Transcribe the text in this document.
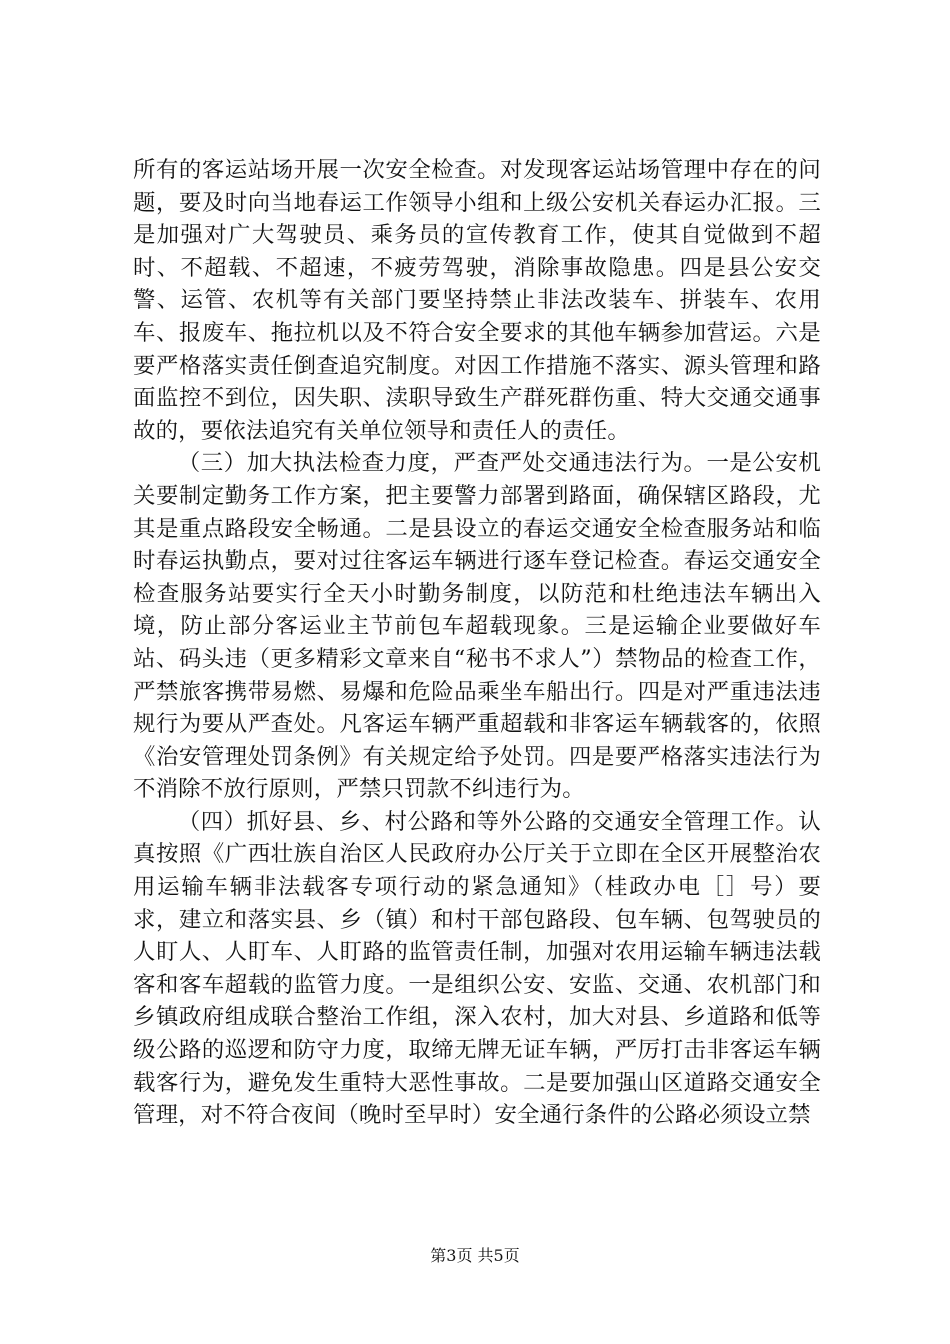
所有的客运站场开展一次安全检查。对发现客运站场管理中存在的问题，要及时向当地春运工作领导小组和上级公安机关春运办汇报。三是加强对广大驾驶员、乘务员的宣传教育工作，使其自觉做到不超时、不超载、不超速，不疲劳驾驶，消除事故隐患。四是县公安交警、运管、农机等有关部门要坚持禁止非法改装车、拼装车、农用车、报废车、拖拉机以及不符合安全要求的其他车辆参加营运。六是要严格落实责任倒查追究制度。对因工作措施不落实、源头管理和路面监控不到位，因失职、渎职导致生产群死群伤重、特大交通交通事故的，要依法追究有关单位领导和责任人的责任。

（三）加大执法检查力度，严查严处交通违法行为。一是公安机关要制定勤务工作方案，把主要警力部署到路面，确保辖区路段，尤其是重点路段安全畅通。二是县设立的春运交通安全检查服务站和临时春运执勤点，要对过往客运车辆进行逐车登记检查。春运交通安全检查服务站要实行全天小时勤务制度，以防范和杜绝违法车辆出入境，防止部分客运业主节前包车超载现象。三是运输企业要做好车站、码头违（更多精彩文章来自“秘书不求人”）禁物品的检查工作，严禁旅客携带易燃、易爆和危险品乘坐车船出行。四是对严重违法违规行为要从严查处。凡客运车辆严重超载和非客运车辆载客的，依照《治安管理处罚条例》有关规定给予处罚。四是要严格落实违法行为不消除不放行原则，严禁只罚款不纠违行为。

（四）抓好县、乡、村公路和等外公路的交通安全管理工作。认真按照《广西壮族自治区人民政府办公厅关于立即在全区开展整治农用运输车辆非法载客专项行动的紧急通知》（桂政办电［］号）要求，建立和落实县、乡（镇）和村干部包路段、包车辆、包驾驶员的人盯人、人盯车、人盯路的监管责任制，加强对农用运输车辆违法载客和客车超载的监管力度。一是组织公安、安监、交通、农机部门和乡镇政府组成联合整治工作组，深入农村，加大对县、乡道路和低等级公路的巡逻和防守力度，取缔无牌无证车辆，严厉打击非客运车辆载客行为，避免发生重特大恶性事故。二是要加强山区道路交通安全管理，对不符合夜间（晚时至早时）安全通行条件的公路必须设立禁

第3页 共5页
